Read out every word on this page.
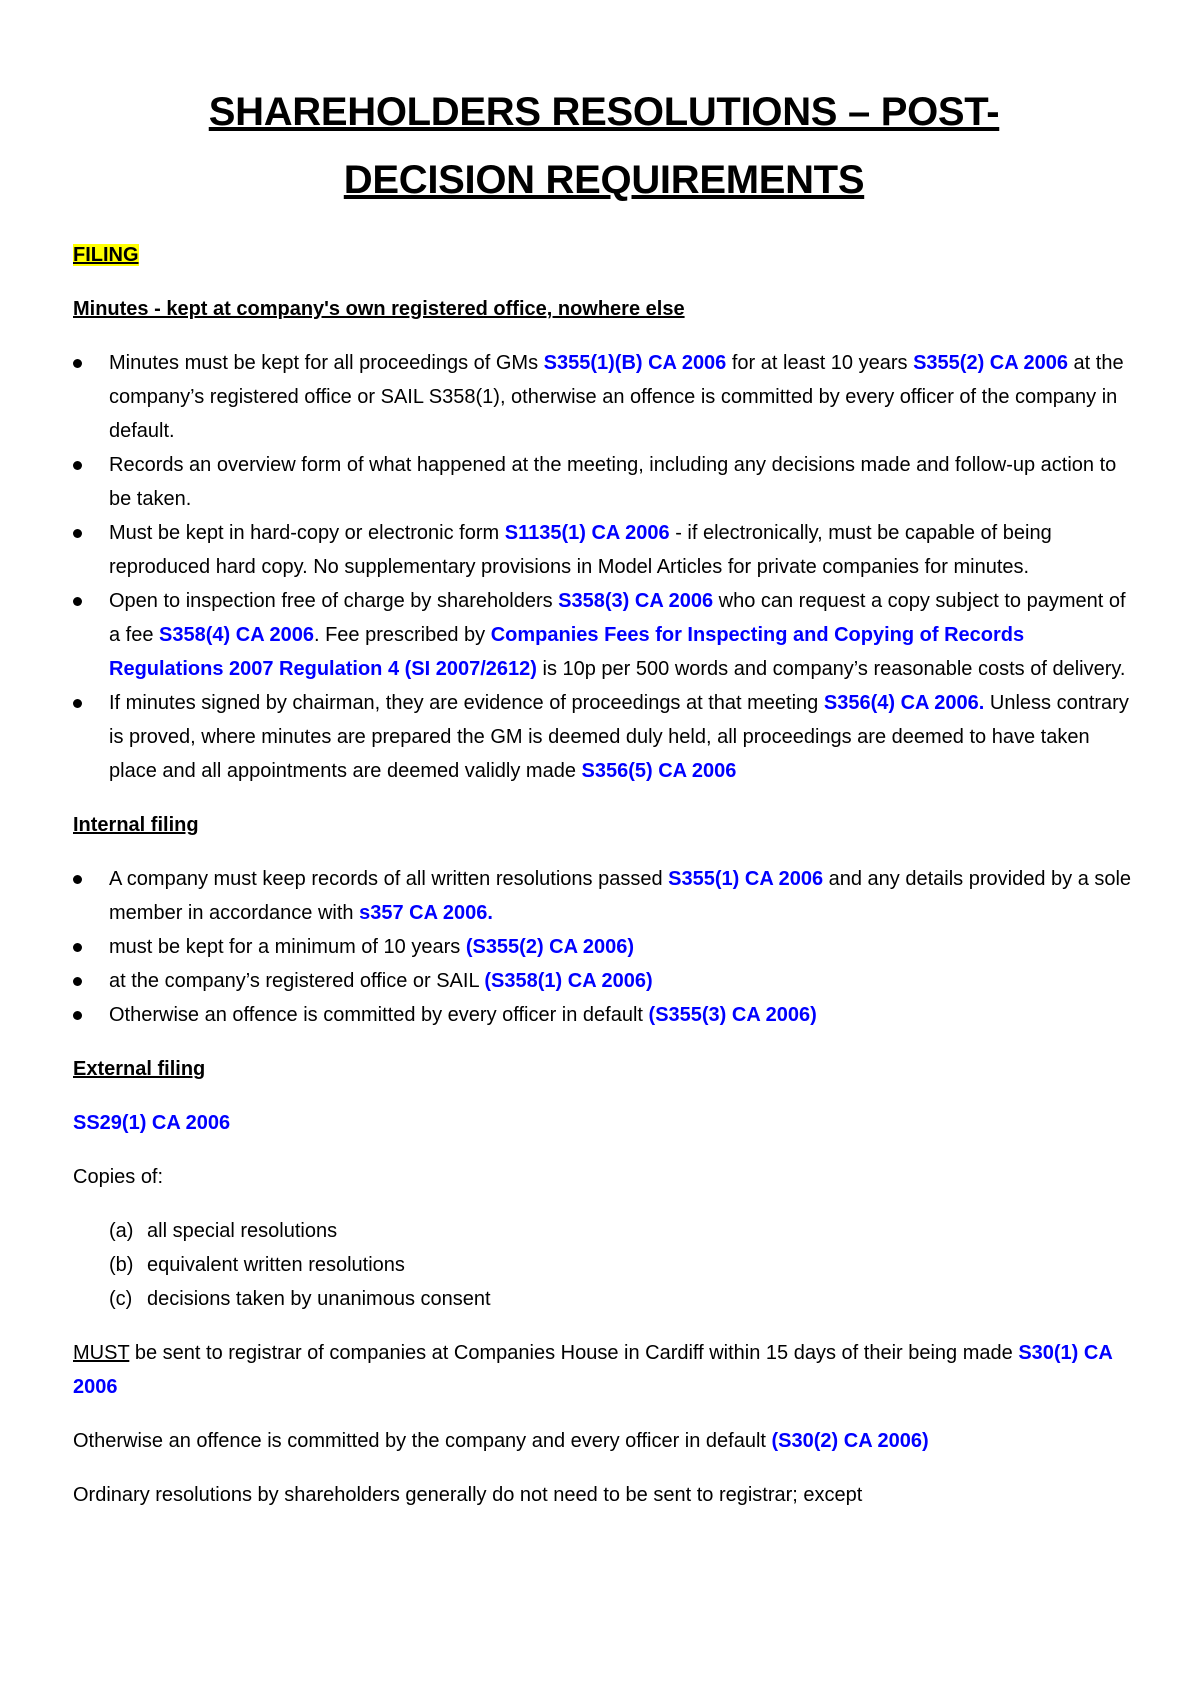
SHAREHOLDERS RESOLUTIONS – POST-
DECISION REQUIREMENTS

FILING

Minutes - kept at company's own registered office, nowhere else

Minutes must be kept for all proceedings of GMs S355(1)(B) CA 2006 for at least 10 years S355(2) CA 2006 at the company’s registered office or SAIL S358(1), otherwise an offence is committed by every officer of the company in default.
Records an overview form of what happened at the meeting, including any decisions made and follow-up action to be taken.
Must be kept in hard-copy or electronic form S1135(1) CA 2006 - if electronically, must be capable of being reproduced hard copy. No supplementary provisions in Model Articles for private companies for minutes.
Open to inspection free of charge by shareholders S358(3) CA 2006 who can request a copy subject to payment of a fee S358(4) CA 2006. Fee prescribed by Companies Fees for Inspecting and Copying of Records Regulations 2007 Regulation 4 (SI 2007/2612) is 10p per 500 words and company’s reasonable costs of delivery.
If minutes signed by chairman, they are evidence of proceedings at that meeting S356(4) CA 2006. Unless contrary is proved, where minutes are prepared the GM is deemed duly held, all proceedings are deemed to have taken place and all appointments are deemed validly made S356(5) CA 2006

Internal filing

A company must keep records of all written resolutions passed S355(1) CA 2006 and any details provided by a sole member in accordance with s357 CA 2006.
must be kept for a minimum of 10 years (S355(2) CA 2006)
at the company’s registered office or SAIL (S358(1) CA 2006)
Otherwise an offence is committed by every officer in default (S355(3) CA 2006)

External filing

SS29(1) CA 2006

Copies of:

(a) all special resolutions
(b) equivalent written resolutions
(c) decisions taken by unanimous consent

MUST be sent to registrar of companies at Companies House in Cardiff within 15 days of their being made S30(1) CA 2006

Otherwise an offence is committed by the company and every officer in default (S30(2) CA 2006)

Ordinary resolutions by shareholders generally do not need to be sent to registrar; except
